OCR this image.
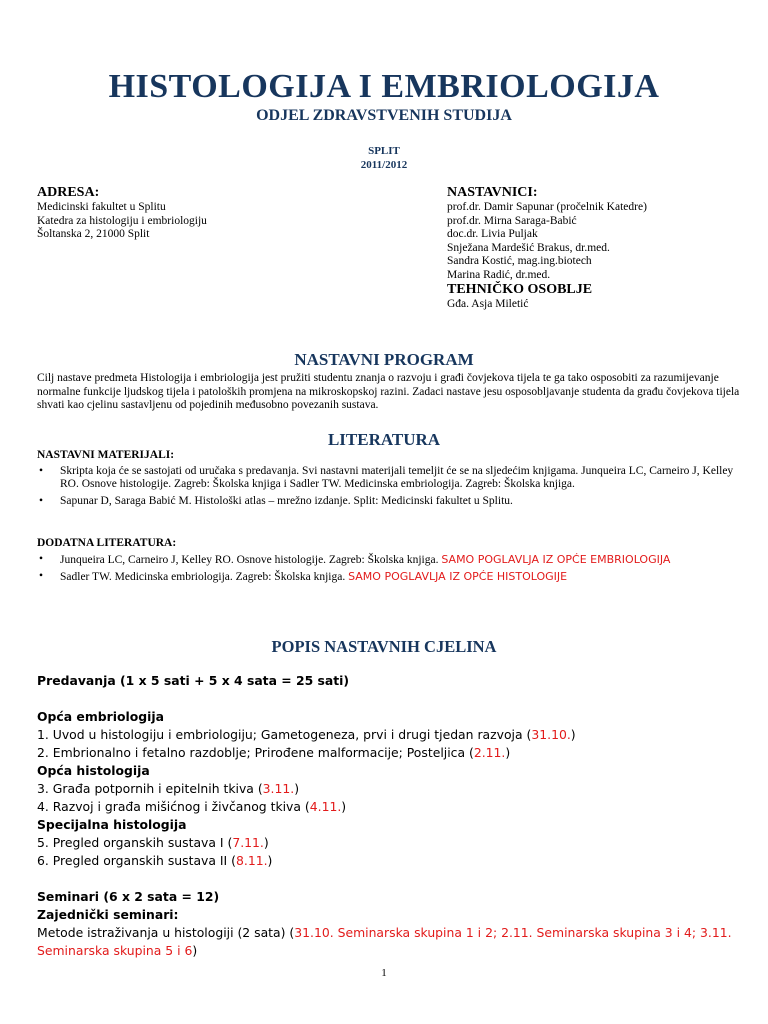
HISTOLOGIJA I EMBRIOLOGIJA
ODJEL ZDRAVSTVENIH STUDIJA
SPLIT
2011/2012
ADRESA:
Medicinski fakultet u Splitu
Katedra za histologiju i embriologiju
Šoltanska 2, 21000 Split
NASTAVNICI:
prof.dr. Damir Sapunar (pročelnik Katedre)
prof.dr. Mirna Saraga-Babić
doc.dr. Livia Puljak
Snježana Mardešić Brakus, dr.med.
Sandra Kostić, mag.ing.biotech
Marina Radić, dr.med.
TEHNIČKO OSOBLJE
Gđa. Asja Miletić
NASTAVNI PROGRAM
Cilj nastave predmeta Histologija i embriologija jest pružiti studentu znanja o razvoju i građi čovjekova tijela te ga tako osposobiti za razumijevanje normalne funkcije ljudskog tijela i patoloških promjena na mikroskopskoj razini. Zadaci nastave jesu osposobljavanje studenta da građu čovjekova tijela shvati kao cjelinu sastavljenu od pojedinih međusobno povezanih sustava.
LITERATURA
NASTAVNI MATERIJALI:
• Skripta koja će se sastojati od uručaka s predavanja. Svi nastavni materijali temeljit će se na sljedećim knjigama. Junqueira LC, Carneiro J, Kelley RO. Osnove histologije. Zagreb: Školska knjiga i Sadler TW. Medicinska embriologija. Zagreb: Školska knjiga.
• Sapunar D, Saraga Babić M. Histološki atlas – mrežno izdanje. Split: Medicinski fakultet u Splitu.
DODATNA LITERATURA:
• Junqueira LC, Carneiro J, Kelley RO. Osnove histologije. Zagreb: Školska knjiga. SAMO POGLAVLJA IZ OPĆE EMBRIOLOGIJA
• Sadler TW. Medicinska embriologija. Zagreb: Školska knjiga. SAMO POGLAVLJA IZ OPĆE HISTOLOGIJE
POPIS NASTAVNIH CJELINA
Predavanja (1 x 5 sati + 5 x 4 sata = 25 sati)
Opća embriologija
1. Uvod u histologiju i embriologiju; Gametogeneza, prvi i drugi tjedan razvoja (31.10.)
2. Embrionalno i fetalno razdoblje; Prirođene malformacije; Posteljica (2.11.)
Opća histologija
3. Građa potpornih i epitelnih tkiva (3.11.)
4. Razvoj i građa mišićnog i živčanog tkiva (4.11.)
Specijalna histologija
5. Pregled organskih sustava I (7.11.)
6. Pregled organskih sustava II (8.11.)
Seminari (6 x 2 sata = 12)
Zajednički seminari:
Metode istraživanja u histologiji (2 sata) (31.10. Seminarska skupina 1 i 2; 2.11. Seminarska skupina 3 i 4; 3.11. Seminarska skupina 5 i 6)
1
